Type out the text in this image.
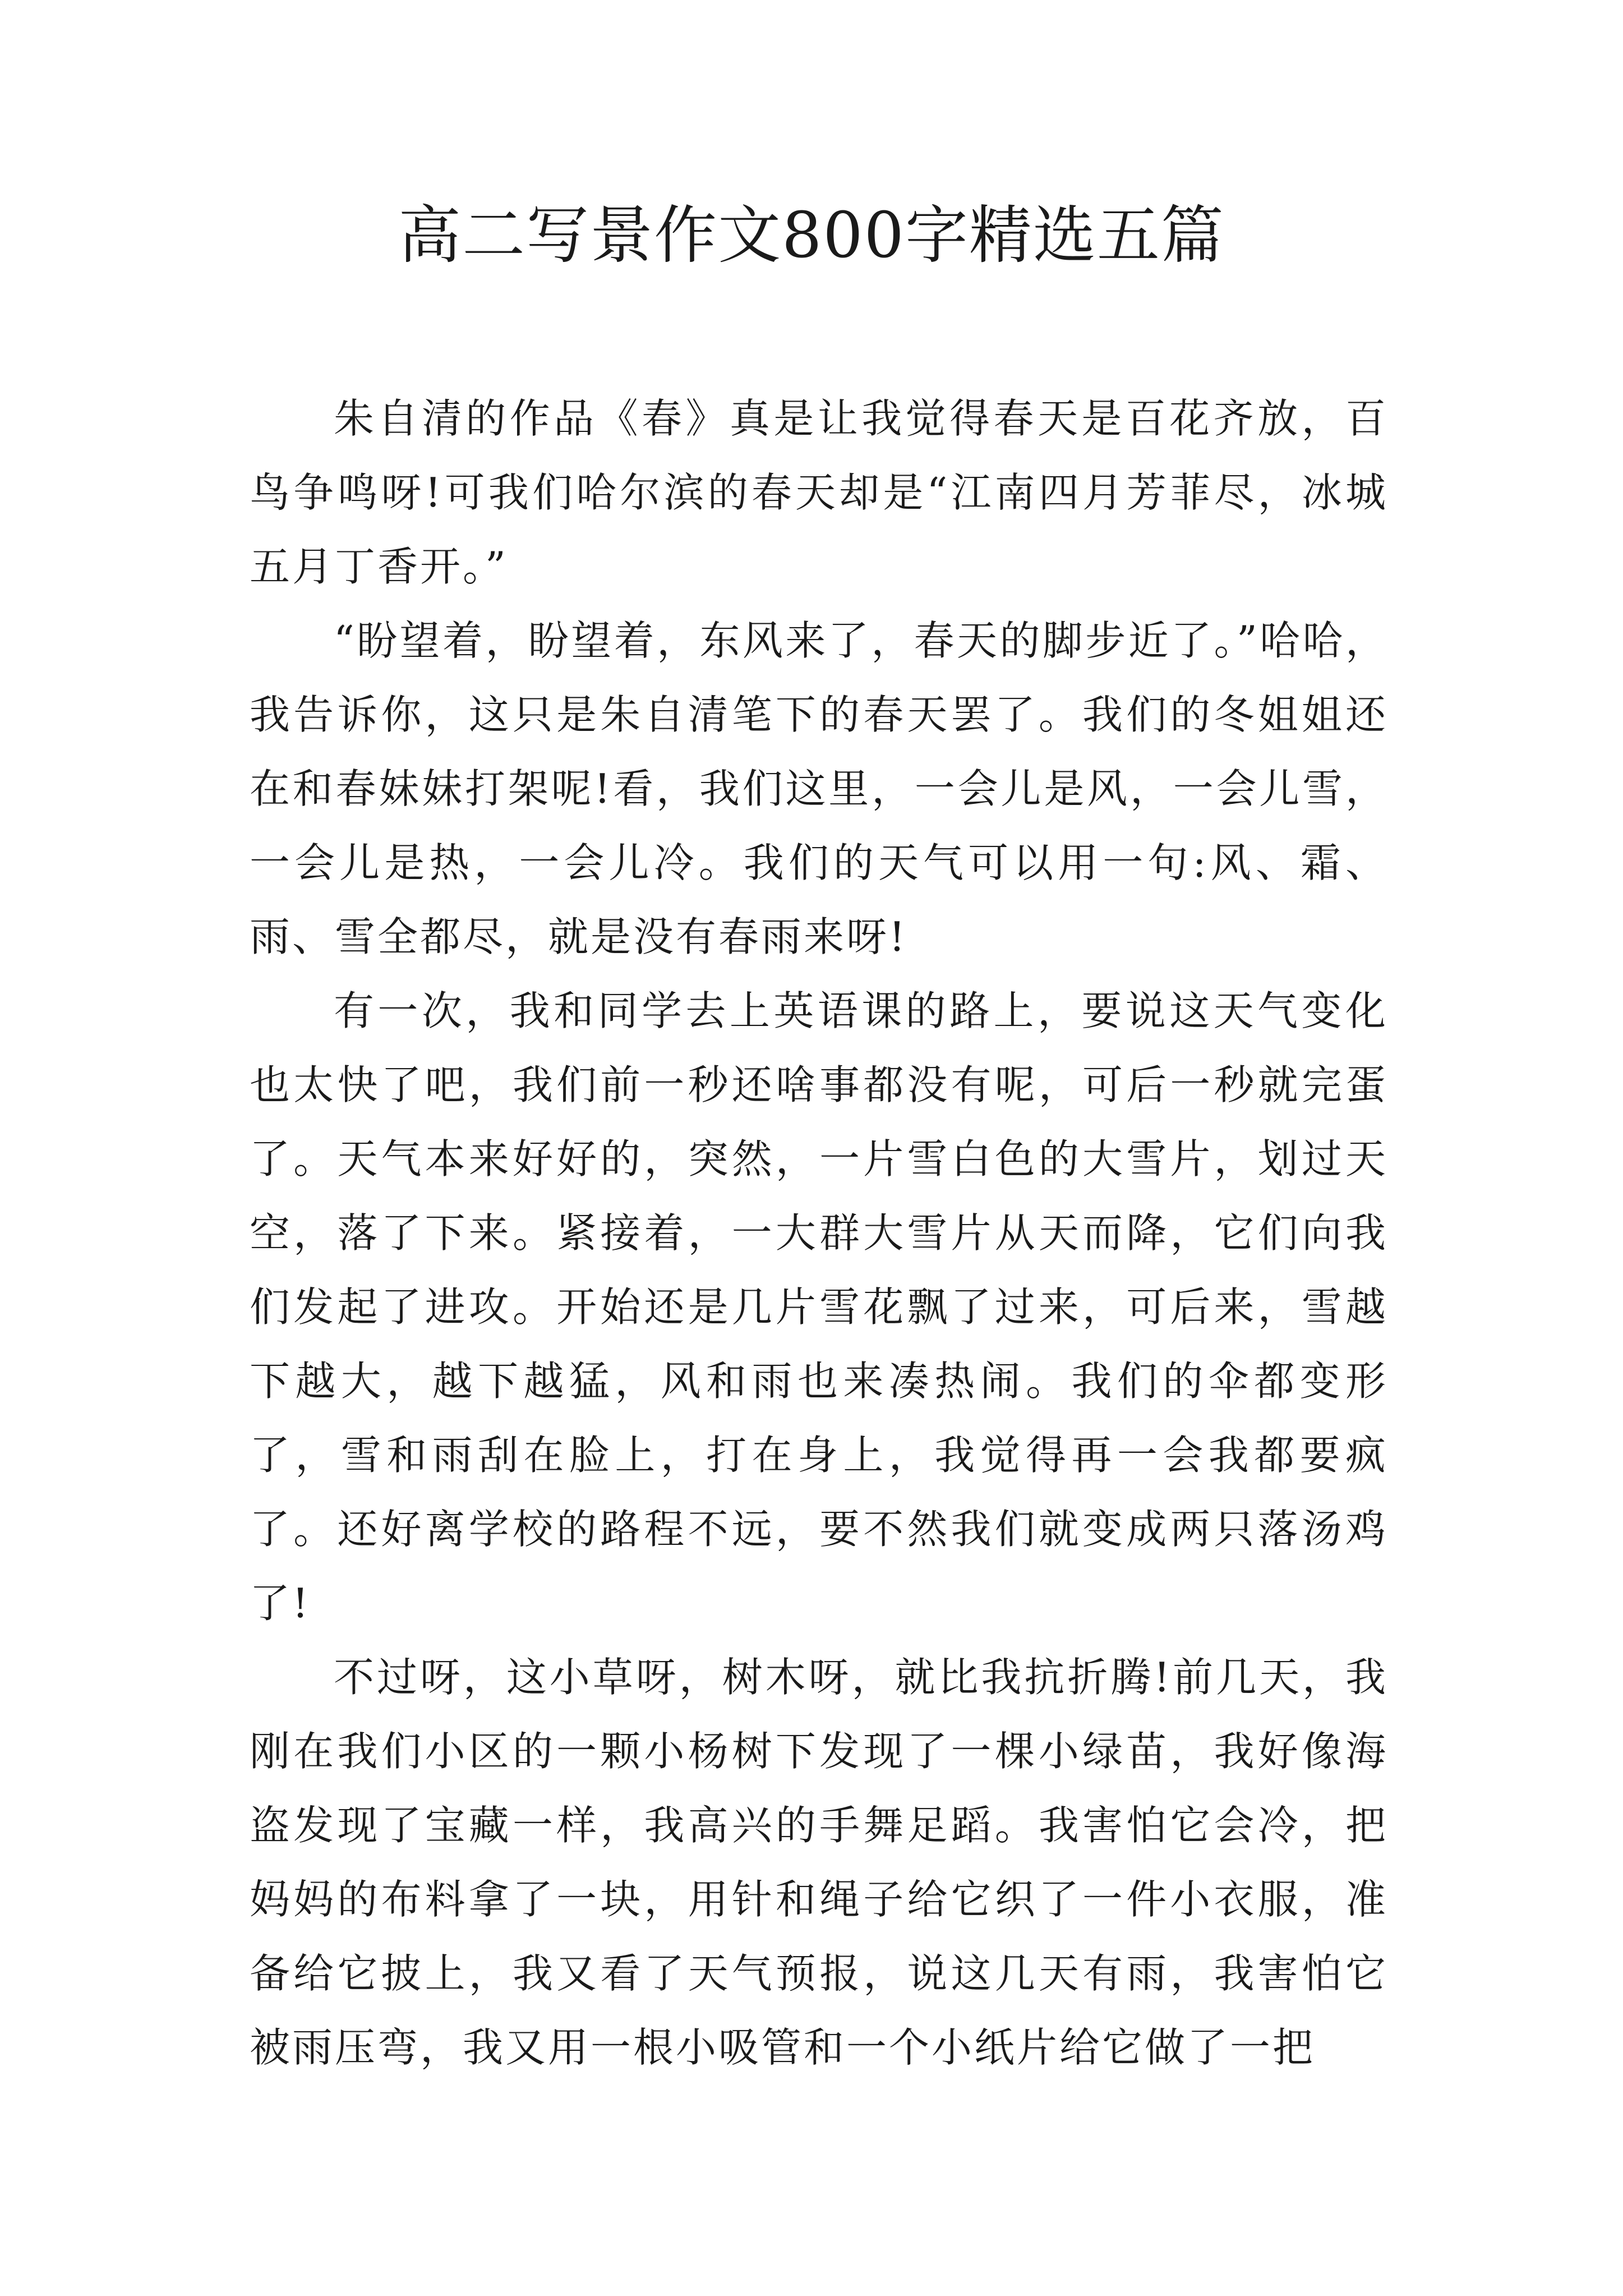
高二写景作文800字精选五篇

朱自清的作品《春》真是让我觉得春天是百花齐放，百鸟争鸣呀!可我们哈尔滨的春天却是“江南四月芳菲尽，冰城五月丁香开。”

“盼望着，盼望着，东风来了，春天的脚步近了。”哈哈，我告诉你，这只是朱自清笔下的春天罢了。我们的冬姐姐还在和春妹妹打架呢!看，我们这里，一会儿是风，一会儿雪，一会儿是热，一会儿冷。我们的天气可以用一句:风、霜、雨、雪全都尽，就是没有春雨来呀!

有一次，我和同学去上英语课的路上，要说这天气变化也太快了吧，我们前一秒还啥事都没有呢，可后一秒就完蛋了。天气本来好好的，突然，一片雪白色的大雪片，划过天空，落了下来。紧接着，一大群大雪片从天而降，它们向我们发起了进攻。开始还是几片雪花飘了过来，可后来，雪越下越大，越下越猛，风和雨也来凑热闹。我们的伞都变形了，雪和雨刮在脸上，打在身上，我觉得再一会我都要疯了。还好离学校的路程不远，要不然我们就变成两只落汤鸡了!

不过呀，这小草呀，树木呀，就比我抗折腾!前几天，我刚在我们小区的一颗小杨树下发现了一棵小绿苗，我好像海盗发现了宝藏一样，我高兴的手舞足蹈。我害怕它会冷，把妈妈的布料拿了一块，用针和绳子给它织了一件小衣服，准备给它披上，我又看了天气预报，说这几天有雨，我害怕它被雨压弯，我又用一根小吸管和一个小纸片给它做了一把
